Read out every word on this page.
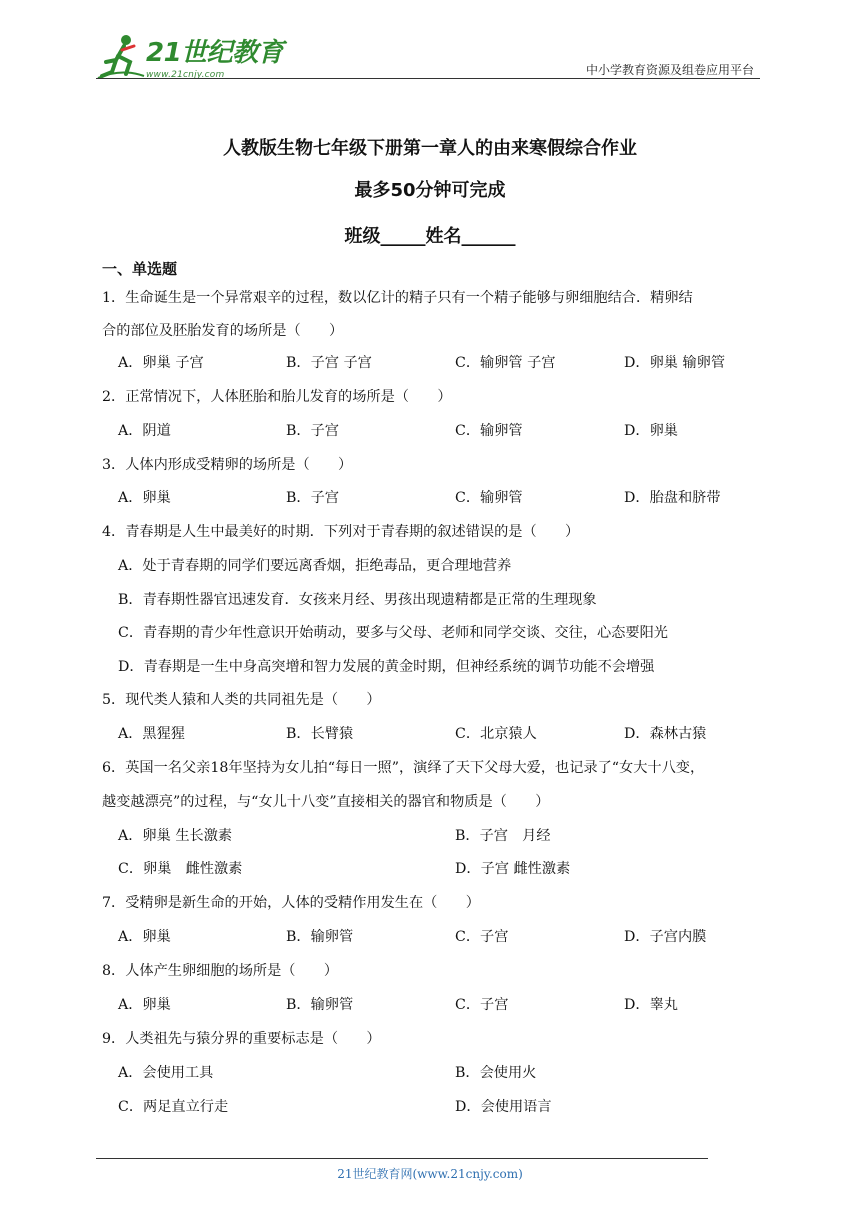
21世纪教育
www.21cnjy.com	中小学教育资源及组卷应用平台
人教版生物七年级下册第一章人的由来寒假综合作业
最多50分钟可完成
班级_____姓名______
一、单选题
1．生命诞生是一个异常艰辛的过程，数以亿计的精子只有一个精子能够与卵细胞结合．精卵结
合的部位及胚胎发育的场所是（　　）
A．卵巢 子宫	B．子宫 子宫	C．输卵管 子宫	D．卵巢 输卵管
2．正常情况下，人体胚胎和胎儿发育的场所是（　　）
A．阴道	B．子宫	C．输卵管	D．卵巢
3．人体内形成受精卵的场所是（　　）
A．卵巢	B．子宫	C．输卵管	D．胎盘和脐带
4．青春期是人生中最美好的时期．下列对于青春期的叙述错误的是（　　）
A．处于青春期的同学们要远离香烟，拒绝毒品，更合理地营养
B．青春期性器官迅速发育．女孩来月经、男孩出现遗精都是正常的生理现象
C．青春期的青少年性意识开始萌动，要多与父母、老师和同学交谈、交往，心态要阳光
D．青春期是一生中身高突增和智力发展的黄金时期，但神经系统的调节功能不会增强
5．现代类人猿和人类的共同祖先是（　　）
A．黑猩猩	B．长臂猿	C．北京猿人	D．森林古猿
6．英国一名父亲18年坚持为女儿拍“每日一照”，演绎了天下父母大爱，也记录了“女大十八变，
越变越漂亮”的过程，与“女儿十八变”直接相关的器官和物质是（　　）
A．卵巢 生长激素	B．子宫　月经
C．卵巢　雌性激素	D．子宫 雌性激素
7．受精卵是新生命的开始，人体的受精作用发生在（　　）
A．卵巢	B．输卵管	C．子宫	D．子宫内膜
8．人体产生卵细胞的场所是（　　）
A．卵巢	B．输卵管	C．子宫	D．睾丸
9．人类祖先与猿分界的重要标志是（　　）
A．会使用工具	B．会使用火
C．两足直立行走	D．会使用语言
21世纪教育网(www.21cnjy.com)
